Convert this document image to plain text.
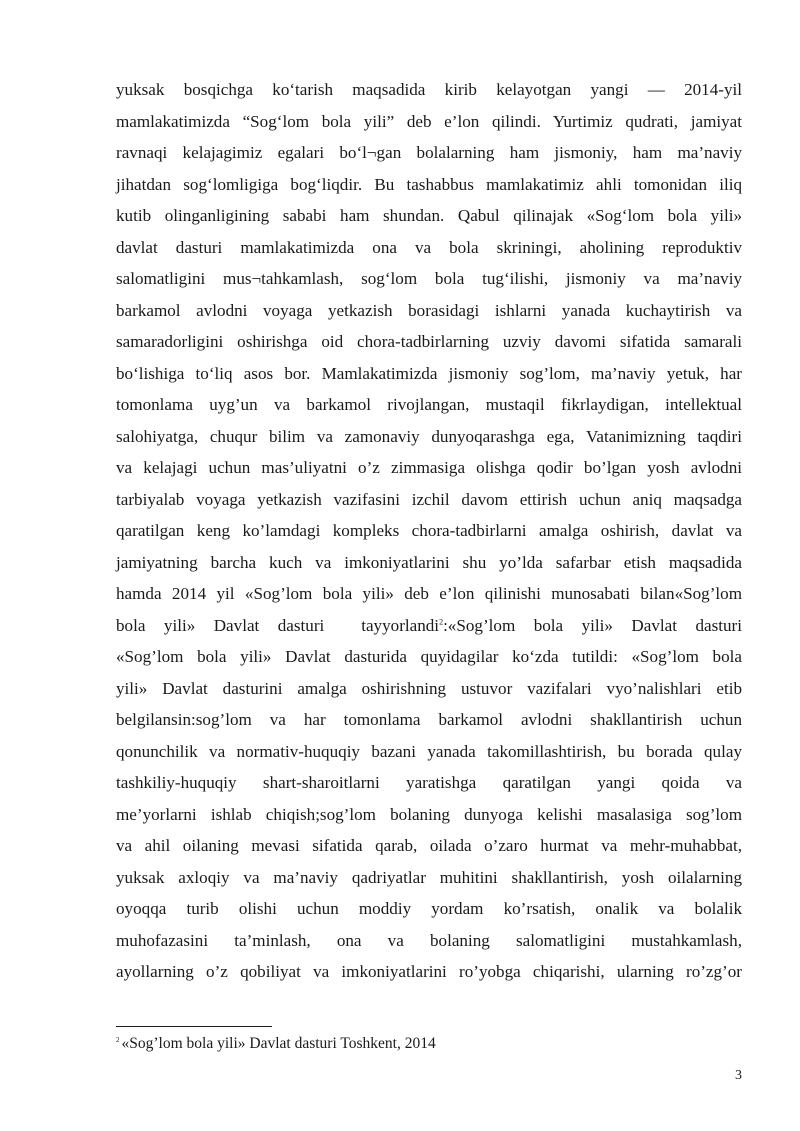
yuksak bosqichga ko‘tarish maqsadida kirib kelayotgan yangi — 2014-yil
mamlakatimizda “Sog‘lom bola yili” deb e’lon qilindi. Yurtimiz qudrati, jamiyat
ravnaqi kelajagimiz egalari bo‘l¬gan bolalarning ham jismoniy, ham ma’naviy
jihatdan sog‘lomligiga bog‘liqdir. Bu tashabbus mamlakatimiz ahli tomonidan iliq
kutib olinganligining sababi ham shundan. Qabul qilinajak «Sog‘lom bola yili»
davlat dasturi mamlakatimizda ona va bola skriningi, aholining reproduktiv
salomatligini mus¬tahkamlash, sog‘lom bola tug‘ilishi, jismoniy va ma’naviy
barkamol avlodni voyaga yetkazish borasidagi ishlarni yanada kuchaytirish va
samaradorligini oshirishga oid chora-tadbirlarning uzviy davomi sifatida samarali
bo‘lishiga to‘liq asos bor. Mamlakatimizda jismoniy sog’lom, ma’naviy yetuk, har
tomonlama uyg’un va barkamol rivojlangan, mustaqil fikrlaydigan, intellektual
salohiyatga, chuqur bilim va zamonaviy dunyoqarashga ega, Vatanimizning taqdiri
va kelajagi uchun mas’uliyatni o’z zimmasiga olishga qodir bo’lgan yosh avlodni
tarbiyalab voyaga yetkazish vazifasini izchil davom ettirish uchun aniq maqsadga
qaratilgan keng ko’lamdagi kompleks chora-tadbirlarni amalga oshirish, davlat va
jamiyatning barcha kuch va imkoniyatlarini shu yo’lda safarbar etish maqsadida
hamda 2014 yil «Sog’lom bola yili» deb e’lon qilinishi munosabati bilan«Sog’lom
bola  yili»  Davlat  dasturi    tayyorlandi$^2$:«Sog’lom  bola  yili»  Davlat  dasturi
«Sog’lom bola yili» Davlat dasturida quyidagilar ko‘zda tutildi: «Sog’lom bola
yili» Davlat dasturini amalga oshirishning ustuvor vazifalari vyo’nalishlari etib
belgilansin:sog’lom va har tomonlama barkamol avlodni shakllantirish uchun
qonunchilik va normativ-huquqiy bazani yanada takomillashtirish, bu borada qulay
tashkiliy-huquqiy shart-sharoitlarni yaratishga qaratilgan yangi qoida va
me’yorlarni ishlab chiqish;sog’lom bolaning dunyoga kelishi masalasiga sog’lom
va ahil oilaning mevasi sifatida qarab, oilada o’zaro hurmat va mehr-muhabbat,
yuksak axloqiy va ma’naviy qadriyatlar muhitini shakllantirish, yosh oilalarning
oyoqqa turib olishi uchun moddiy yordam ko’rsatish, onalik va bolalik
muhofazasini ta’minlash, ona va bolaning salomatligini mustahkamlash,
ayollarning o’z qobiliyat va imkoniyatlarini ro’yobga chiqarishi, ularning ro’zg’or
$^2$ «Sog’lom bola yili» Davlat dasturi Toshkent, 2014
3
